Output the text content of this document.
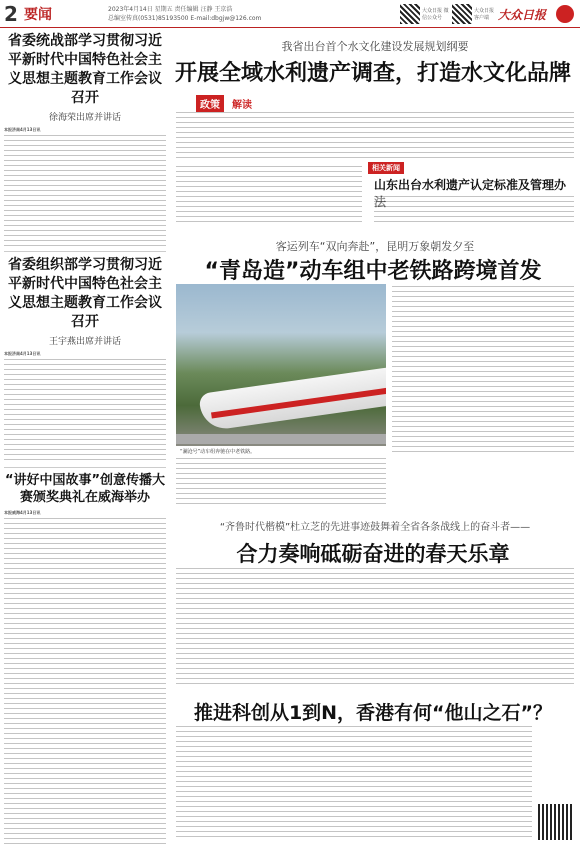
2 要闻	2023年4月14日 星期五 责任编辑 汪静 王京浩
总编室传真(0531)85193500 E-mail:dbgjw@126.com
大众日报 微信公众号
大众日报 客户端 大众日报
省委统战部学习贯彻习近平新时代中国特色社会主义思想主题教育工作会议召开
徐海荣出席并讲话
本报济南4月13日讯
省委组织部学习贯彻习近平新时代中国特色社会主义思想主题教育工作会议召开
王宇燕出席并讲话
本报济南4月13日讯
“讲好中国故事”创意传播大赛颁奖典礼在威海举办
本报威海4月13日讯
我省出台首个水文化建设发展规划纲要
开展全域水利遗产调查，打造水文化品牌
政策	解读
相关新闻
山东出台水利遗产认定标准及管理办
客运列车“双向奔赴”，昆明万象朝发夕至
“青岛造”动车组中老铁路跨境首发
“澜沧号”动车组奔驰在中老铁路。
“齐鲁时代楷模”杜立芝的先进事迹鼓舞着全省各条战线上的奋斗者——
合力奏响砥砺奋进的春天乐章
推进科创从1到N，香港有何“他山之石”？
